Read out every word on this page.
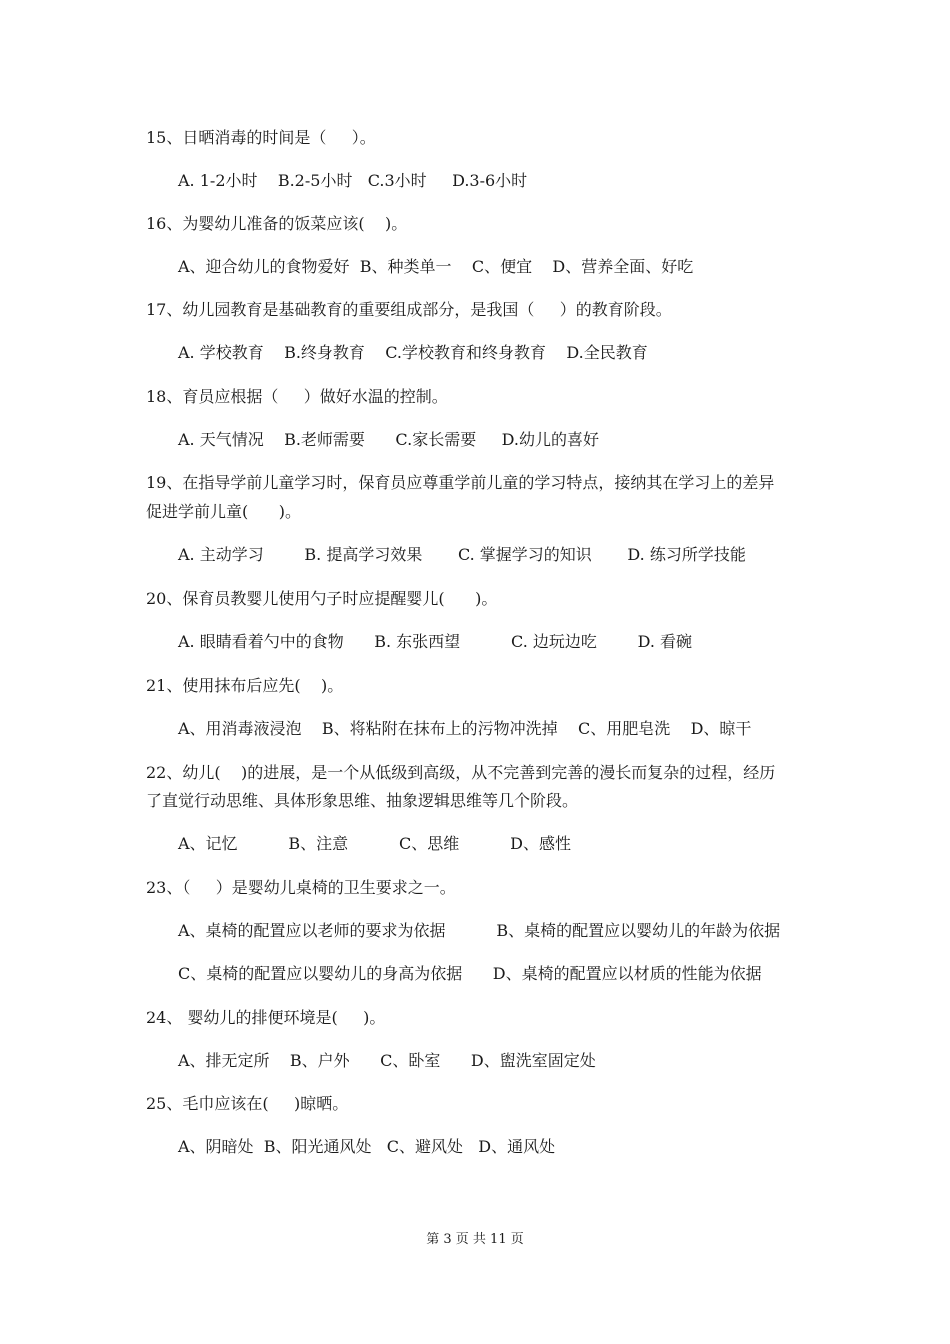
15、日晒消毒的时间是（     ）。
A. 1-2小时    B.2-5小时   C.3小时     D.3-6小时
16、为婴幼儿准备的饭菜应该(    )。
A、迎合幼儿的食物爱好  B、种类单一    C、便宜    D、营养全面、好吃
17、幼儿园教育是基础教育的重要组成部分，是我国（     ）的教育阶段。
A. 学校教育    B.终身教育    C.学校教育和终身教育    D.全民教育
18、育员应根据（     ）做好水温的控制。
A. 天气情况    B.老师需要      C.家长需要     D.幼儿的喜好
19、在指导学前儿童学习时，保育员应尊重学前儿童的学习特点，接纳其在学习上的差异
促进学前儿童(      )。
A. 主动学习        B. 提高学习效果       C. 掌握学习的知识       D. 练习所学技能
20、保育员教婴儿使用勺子时应提醒婴儿(      )。
A. 眼睛看着勺中的食物      B. 东张西望          C. 边玩边吃        D. 看碗
21、使用抹布后应先(    )。
A、用消毒液浸泡    B、将粘附在抹布上的污物冲洗掉    C、用肥皂洗    D、晾干
22、幼儿(    )的进展，是一个从低级到高级，从不完善到完善的漫长而复杂的过程，经历
了直觉行动思维、具体形象思维、抽象逻辑思维等几个阶段。
A、记忆          B、注意          C、思维          D、感性
23、（     ）是婴幼儿桌椅的卫生要求之一。
A、桌椅的配置应以老师的要求为依据          B、桌椅的配置应以婴幼儿的年龄为依据
C、桌椅的配置应以婴幼儿的身高为依据      D、桌椅的配置应以材质的性能为依据
24、 婴幼儿的排便环境是(     )。
A、排无定所    B、户外      C、卧室      D、盥洗室固定处
25、毛巾应该在(     )晾晒。
A、阴暗处  B、阳光通风处   C、避风处   D、通风处
第 3 页 共 11 页
